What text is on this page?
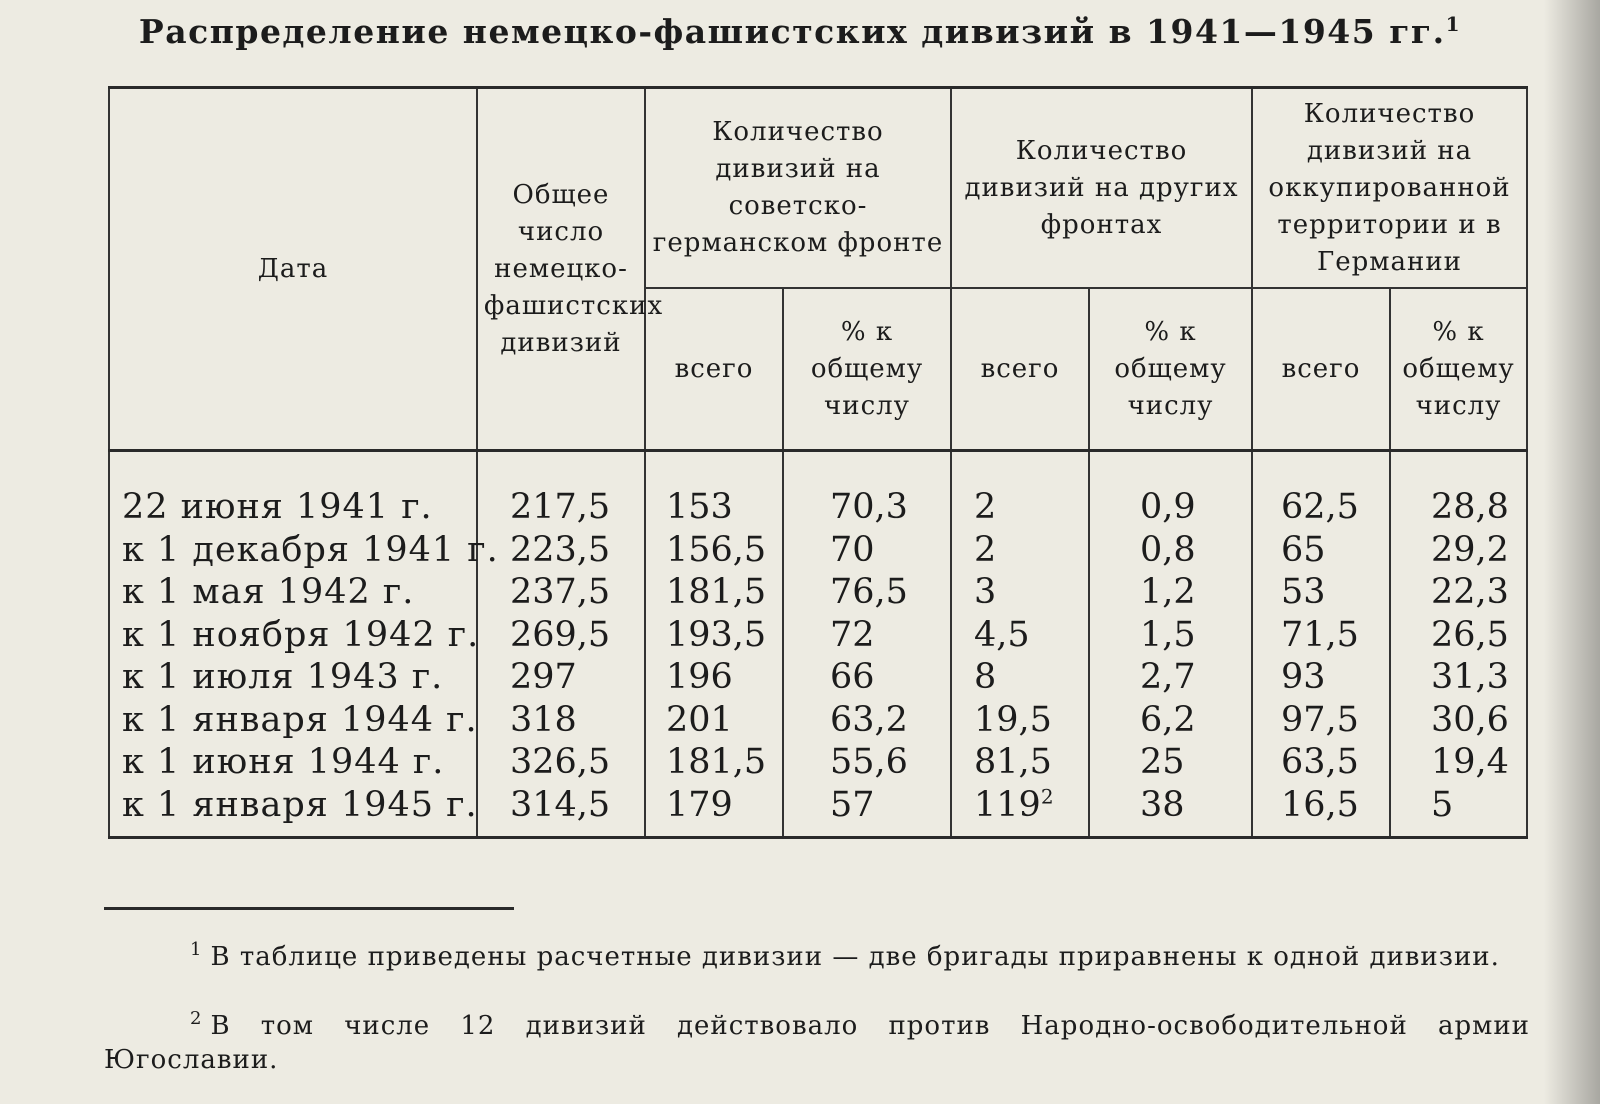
Распределение немецко-фашистских дивизий в 1941—1945 гг.$^1$
Дата	Общее число немецко-фашистских дивизий	Количество дивизий на советско-германском фронте		Количество дивизий на других фронтах		Количество дивизий на оккупированной территории и в Германии	
		всего	% к общему числу	всего	% к общему числу	всего	% к общему числу
22 июня 1941 г.	217,5	153	70,3	2	0,9	62,5	28,8
к 1 декабря 1941 г.	223,5	156,5	70	2	0,8	65	29,2
к 1 мая 1942 г.	237,5	181,5	76,5	3	1,2	53	22,3
к 1 ноября 1942 г.	269,5	193,5	72	4,5	1,5	71,5	26,5
к 1 июля 1943 г.	297	196	66	8	2,7	93	31,3
к 1 января 1944 г.	318	201	63,2	19,5	6,2	97,5	30,6
к 1 июня 1944 г.	326,5	181,5	55,6	81,5	25	63,5	19,4
к 1 января 1945 г.	314,5	179	57	$119^2$	38	16,5	5
$^1$ В таблице приведены расчетные дивизии — две бригады приравнены к одной дивизии.
$^2$ В том числе 12 дивизий действовало против Народно-освободительной армии Югославии.
